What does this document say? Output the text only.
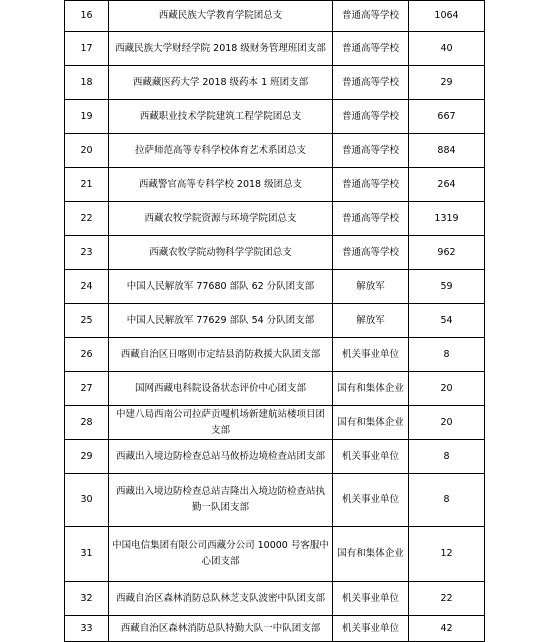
16	西藏民族大学教育学院团总支	普通高等学校	1064
17	西藏民族大学财经学院 2018 级财务管理班团支部	普通高等学校	40
18	西藏藏医药大学 2018 级药本 1 班团支部	普通高等学校	29
19	西藏职业技术学院建筑工程学院团总支	普通高等学校	667
20	拉萨师范高等专科学校体育艺术系团总支	普通高等学校	884
21	西藏警官高等专科学校 2018 级团总支	普通高等学校	264
22	西藏农牧学院资源与环境学院团总支	普通高等学校	1319
23	西藏农牧学院动物科学学院团总支	普通高等学校	962
24	中国人民解放军 77680 部队 62 分队团支部	解放军	59
25	中国人民解放军 77629 部队 54 分队团支部	解放军	54
26	西藏自治区日喀则市定结县消防救援大队团支部	机关事业单位	8
27	国网西藏电科院设备状态评价中心团支部	国有和集体企业	20
28	中建八局西南公司拉萨贡嘎机场新建航站楼项目团支部	国有和集体企业	20
29	西藏出入境边防检查总站马攸桥边境检查站团支部	机关事业单位	8
30	西藏出入境边防检查总站吉隆出入境边防检查站执勤一队团支部	机关事业单位	8
31	中国电信集团有限公司西藏分公司 10000 号客服中心团支部	国有和集体企业	12
32	西藏自治区森林消防总队林芝支队波密中队团支部	机关事业单位	22
33	西藏自治区森林消防总队特勤大队一中队团支部	机关事业单位	42
